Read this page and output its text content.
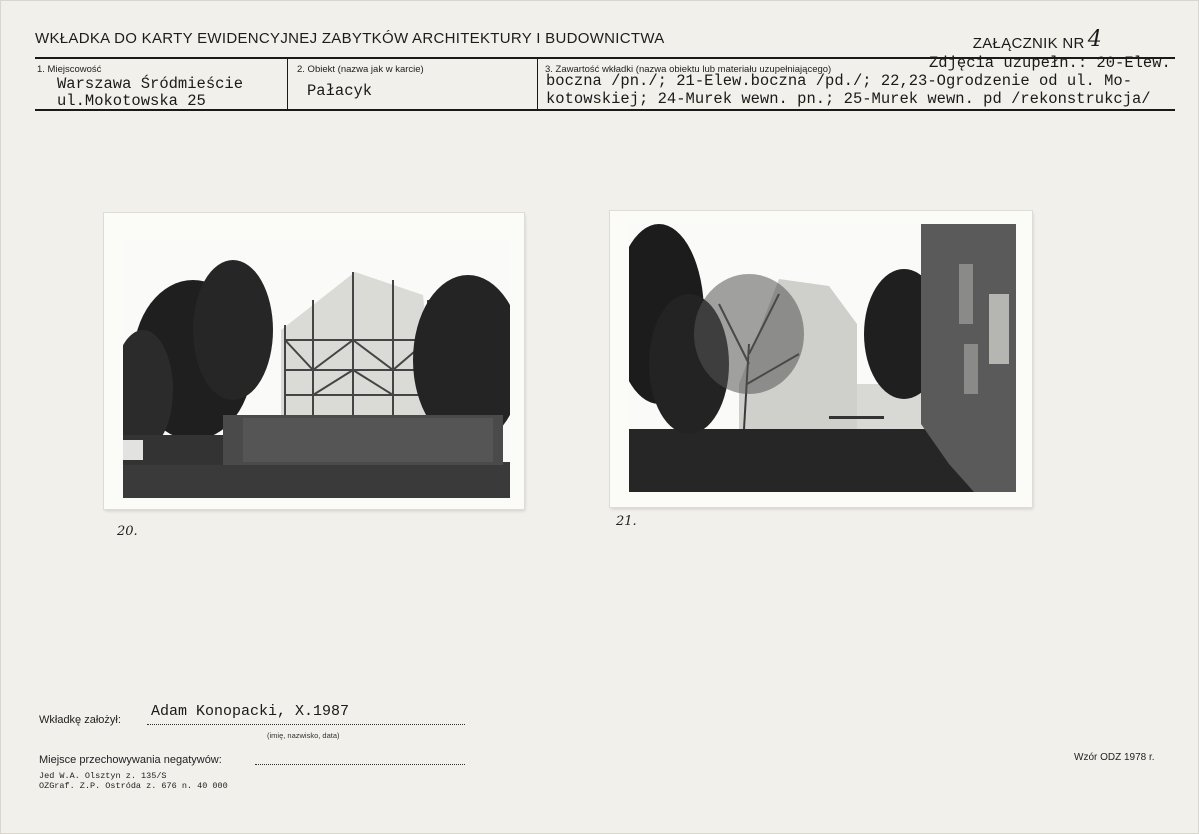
WKŁADKA DO KARTY EWIDENCYJNEJ ZABYTKÓW ARCHITEKTURY I BUDOWNICTWA	ZAŁĄCZNIK NR 4
1. Miejscowość
Warszawa Śródmieście
ul.Mokotowska 25
2. Obiekt (nazwa jak w karcie)
Pałacyk
3. Zawartość wkładki (nazwa obiektu lub materiału uzupełniającego)	Zdjęcia uzupełn.: 20-Elew.
boczna /pn./; 21-Elew.boczna /pd./; 22,23-Ogrodzenie od ul. Mo-
kotowskiej; 24-Murek wewn. pn.; 25-Murek wewn. pd /rekonstrukcja/
20.
21.
Wkładkę założył: Adam Konopacki, X.1987
(imię, nazwisko, data)
Miejsce przechowywania negatywów:
Jed W.A. Olsztyn z. 135/S
OZGraf. Z.P. Ostróda z. 676 n. 40 000
Wzór ODZ 1978 r.
